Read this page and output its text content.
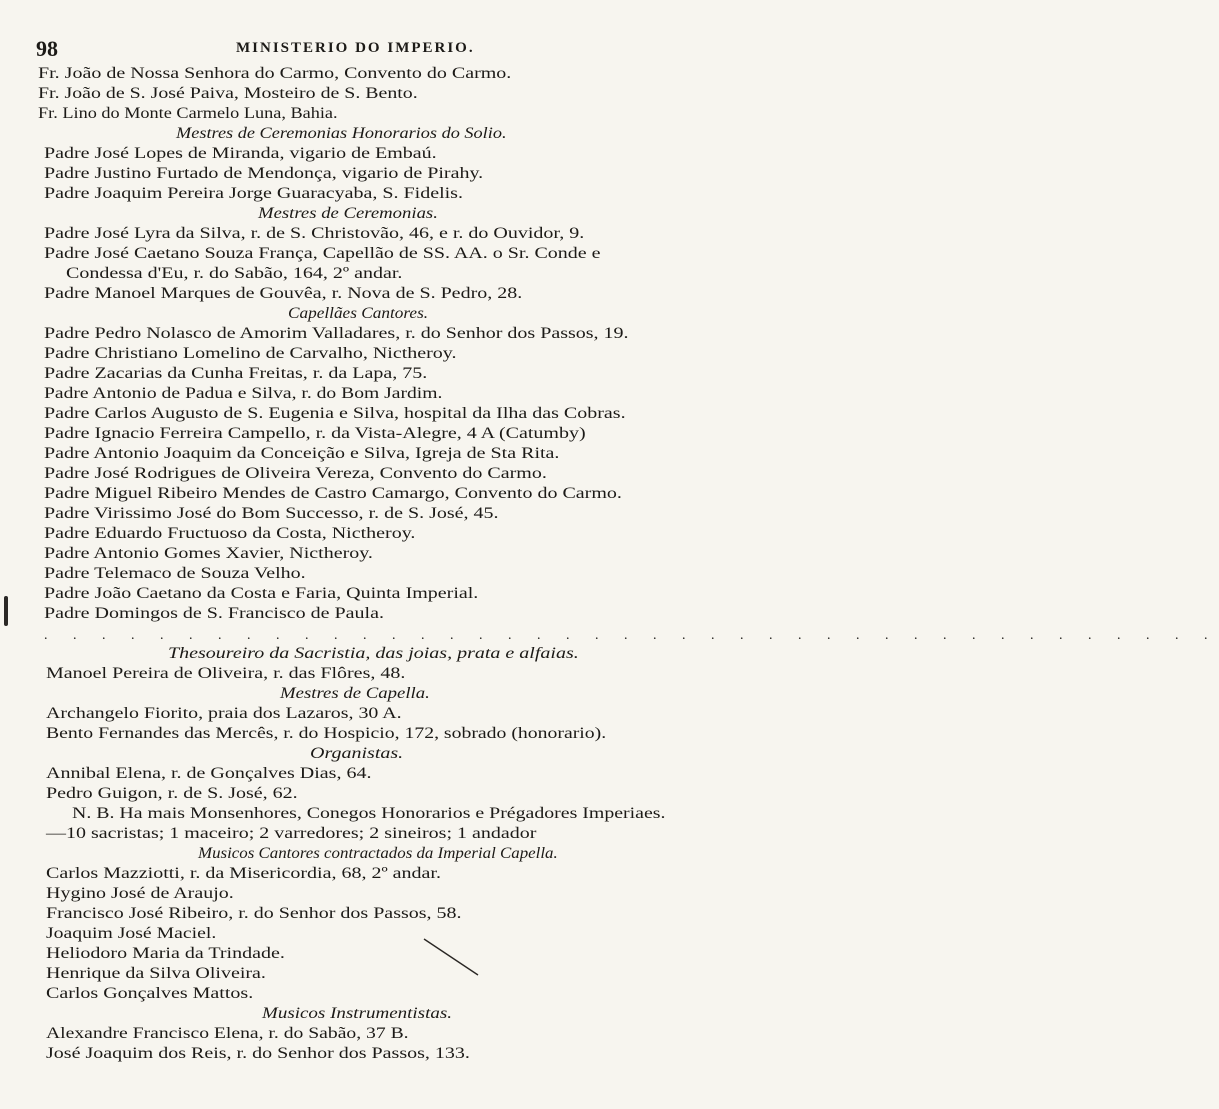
98	MINISTERIO DO IMPERIO.
Fr. João de Nossa Senhora do Carmo, Convento do Carmo.
Fr. João de S. José Paiva, Mosteiro de S. Bento.
Fr. Lino do Monte Carmelo Luna, Bahia.
Mestres de Ceremonias Honorarios do Solio.
Padre José Lopes de Miranda, vigario de Embaú.
Padre Justino Furtado de Mendonça, vigario de Pirahy.
Padre Joaquim Pereira Jorge Guaracyaba, S. Fidelis.
Mestres de Ceremonias.
Padre José Lyra da Silva, r. de S. Christovão, 46, e r. do Ouvidor, 9.
Padre José Caetano Souza França, Capellão de SS. AA. o Sr. Conde e
Condessa d'Eu, r. do Sabão, 164, 2º andar.
Padre Manoel Marques de Gouvêa, r. Nova de S. Pedro, 28.
Capellães Cantores.
Padre Pedro Nolasco de Amorim Valladares, r. do Senhor dos Passos, 19.
Padre Christiano Lomelino de Carvalho, Nictheroy.
Padre Zacarias da Cunha Freitas, r. da Lapa, 75.
Padre Antonio de Padua e Silva, r. do Bom Jardim.
Padre Carlos Augusto de S. Eugenia e Silva, hospital da Ilha das Cobras.
Padre Ignacio Ferreira Campello, r. da Vista-Alegre, 4 A (Catumby)
Padre Antonio Joaquim da Conceição e Silva, Igreja de Sta Rita.
Padre José Rodrigues de Oliveira Vereza, Convento do Carmo.
Padre Miguel Ribeiro Mendes de Castro Camargo, Convento do Carmo.
Padre Virissimo José do Bom Successo, r. de S. José, 45.
Padre Eduardo Fructuoso da Costa, Nictheroy.
Padre Antonio Gomes Xavier, Nictheroy.
Padre Telemaco de Souza Velho.
Padre João Caetano da Costa e Faria, Quinta Imperial.
Padre Domingos de S. Francisco de Paula.
. . . . . . . . . . . . . . . . . . . . . . . . . . . . . . . . . . . . . . . . .
Thesoureiro da Sacristia, das joias, prata e alfaias.
Manoel Pereira de Oliveira, r. das Flôres, 48.
Mestres de Capella.
Archangelo Fiorito, praia dos Lazaros, 30 A.
Bento Fernandes das Mercês, r. do Hospicio, 172, sobrado (honorario).
Organistas.
Annibal Elena, r. de Gonçalves Dias, 64.
Pedro Guigon, r. de S. José, 62.
N. B. Ha mais Monsenhores, Conegos Honorarios e Prégadores Imperiaes.
—10 sacristas; 1 maceiro; 2 varredores; 2 sineiros; 1 andador
Musicos Cantores contractados da Imperial Capella.
Carlos Mazziotti, r. da Misericordia, 68, 2º andar.
Hygino José de Araujo.
Francisco José Ribeiro, r. do Senhor dos Passos, 58.
Joaquim José Maciel.
Heliodoro Maria da Trindade.
Henrique da Silva Oliveira.
Carlos Gonçalves Mattos.
Musicos Instrumentistas.
Alexandre Francisco Elena, r. do Sabão, 37 B.
José Joaquim dos Reis, r. do Senhor dos Passos, 133.
